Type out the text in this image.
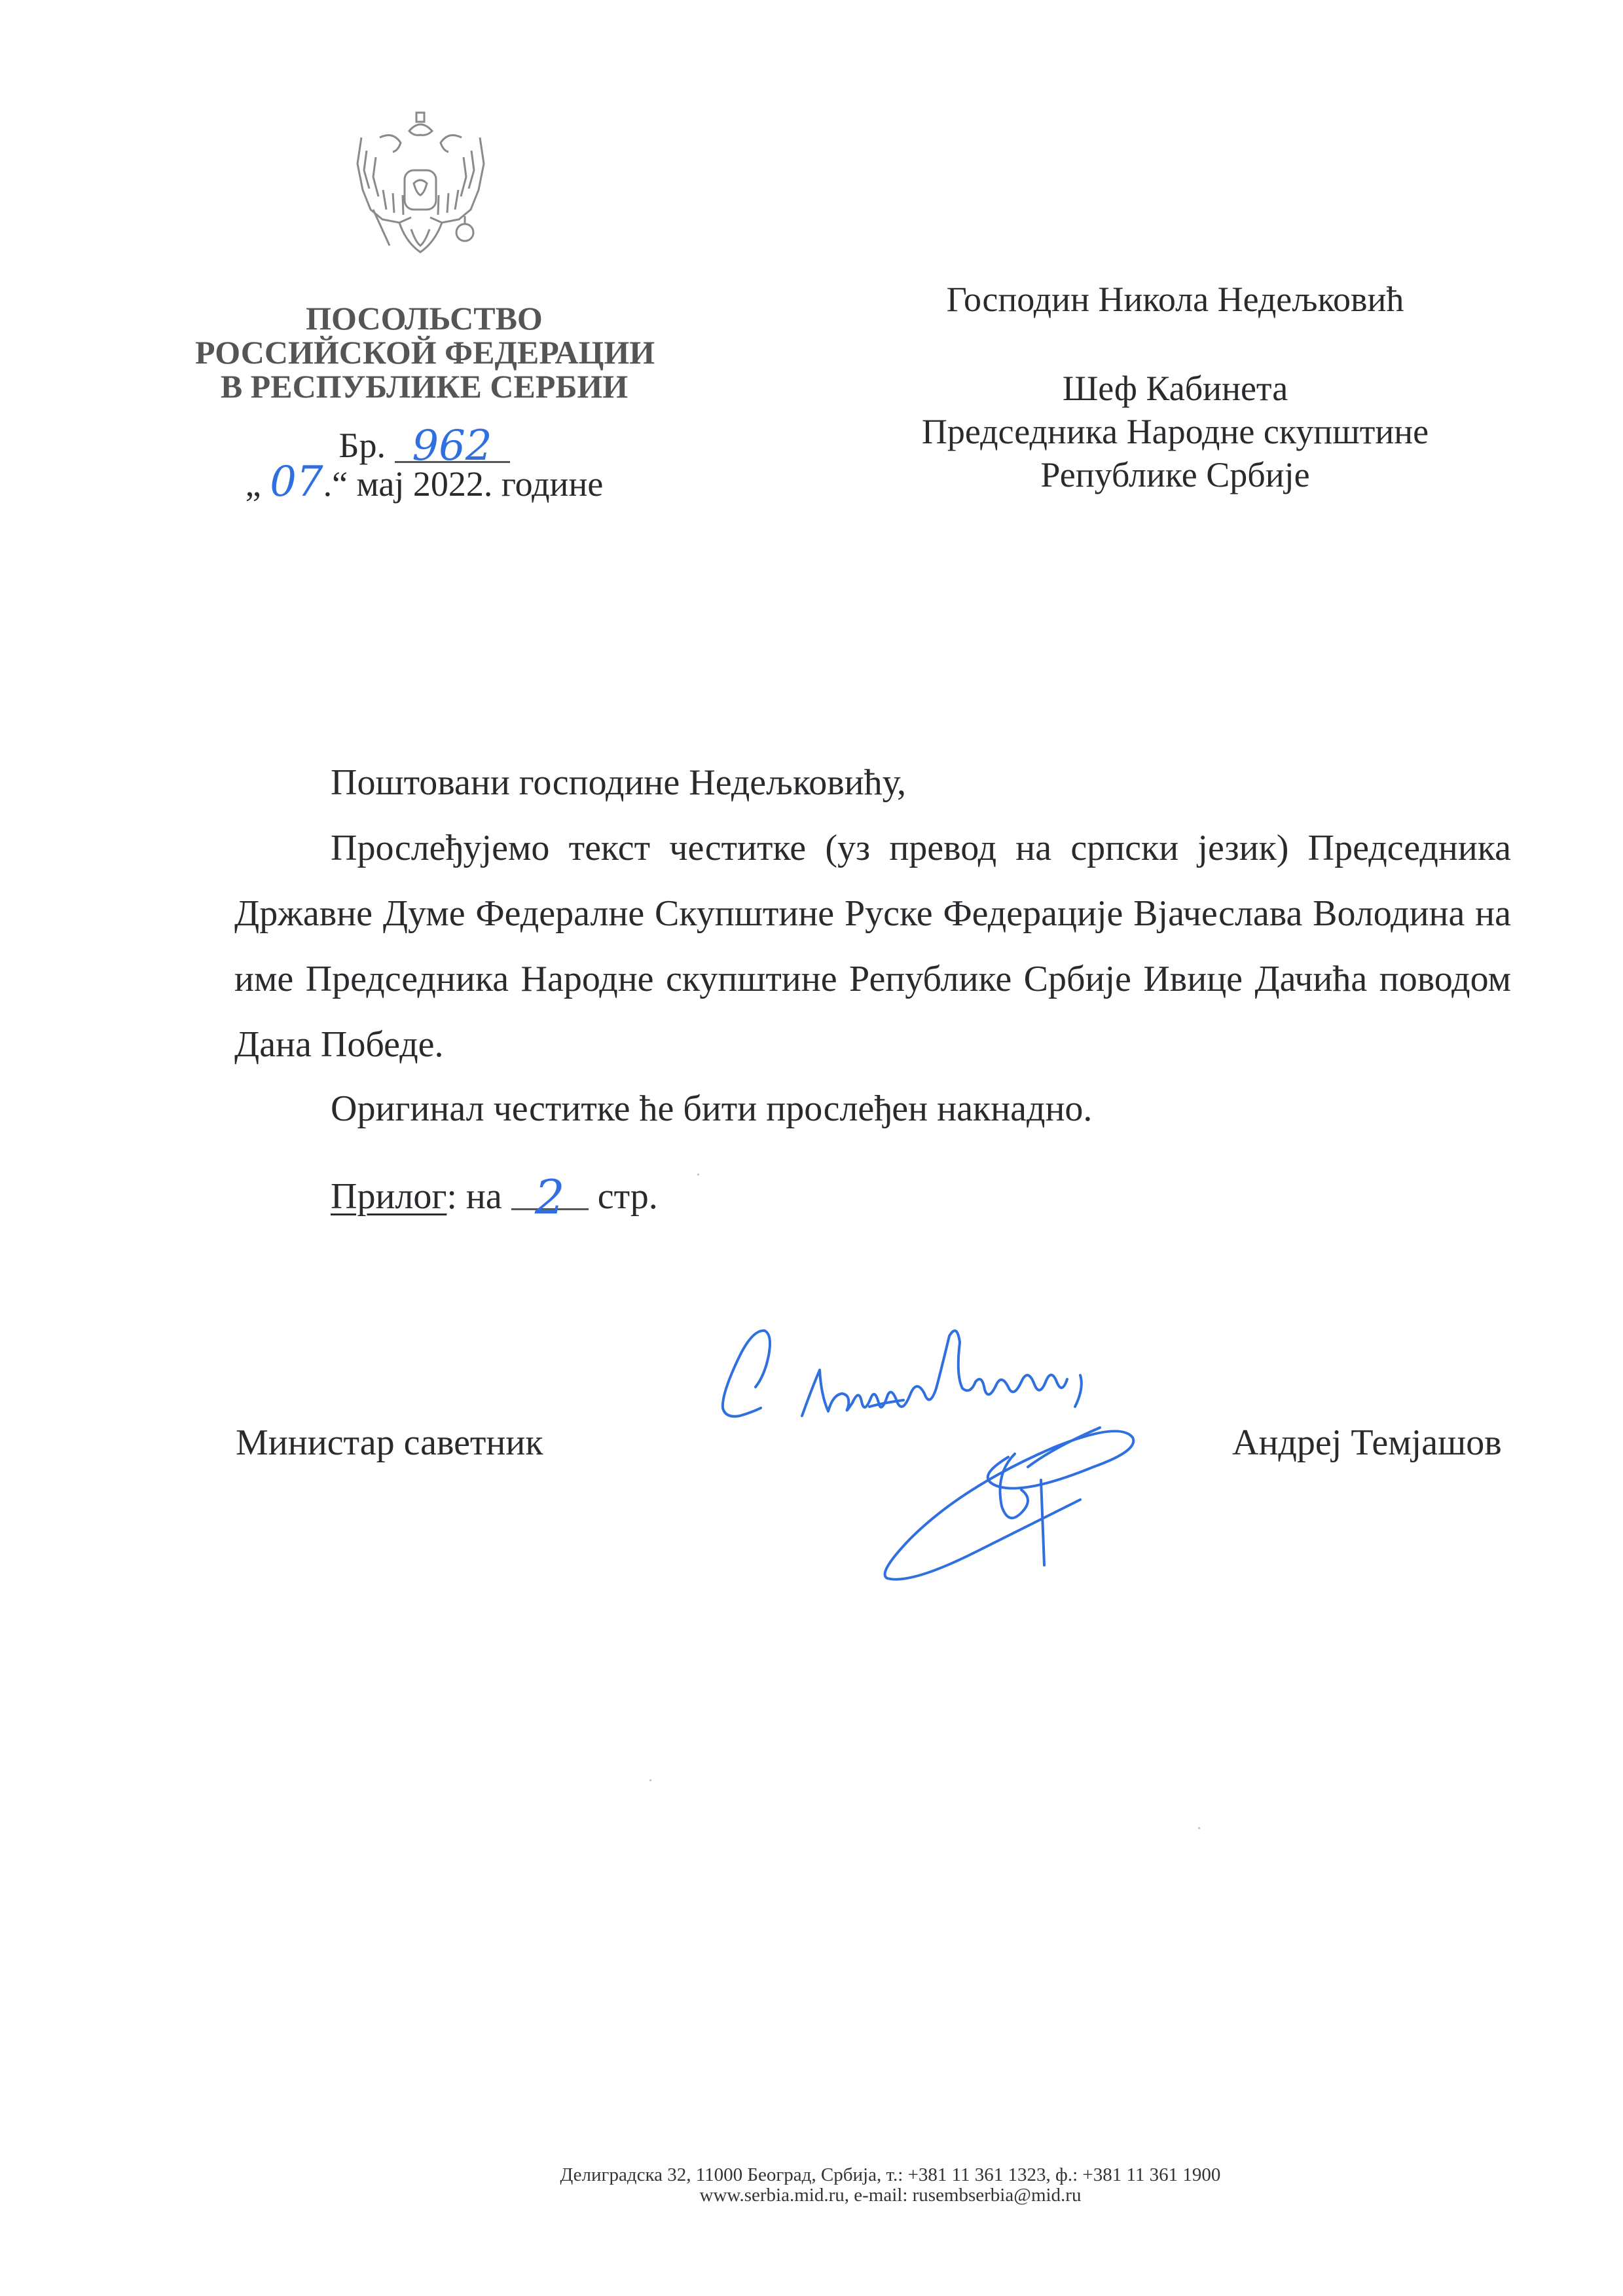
ПОСОЛЬСТВО
РОССИЙСКОЙ ФЕДЕРАЦИИ
В РЕСПУБЛИКЕ СЕРБИИ
Бр. 962
„ 07.“ мај 2022. године
Господин Никола Недељковић
Шеф Кабинета
Председника Народне скупштине
Републике Србије
Поштовани господине Недељковићу,
Прослеђујемо текст честитке (уз превод на српски језик) Председника Државне Думе Федералне Скупштине Руске Федерације Вјачеслава Володина на име Председника Народне скупштине Републике Србије Ивице Дачића поводом Дана Победе.
Оригинал честитке ће бити прослеђен накнадно.
Прилог: на 2 стр.
Министар саветник	Андреј Темјашов
Делиградска 32, 11000 Београд, Србија, т.: +381 11 361 1323, ф.: +381 11 361 1900
www.serbia.mid.ru, e-mail: rusembserbia@mid.ru
